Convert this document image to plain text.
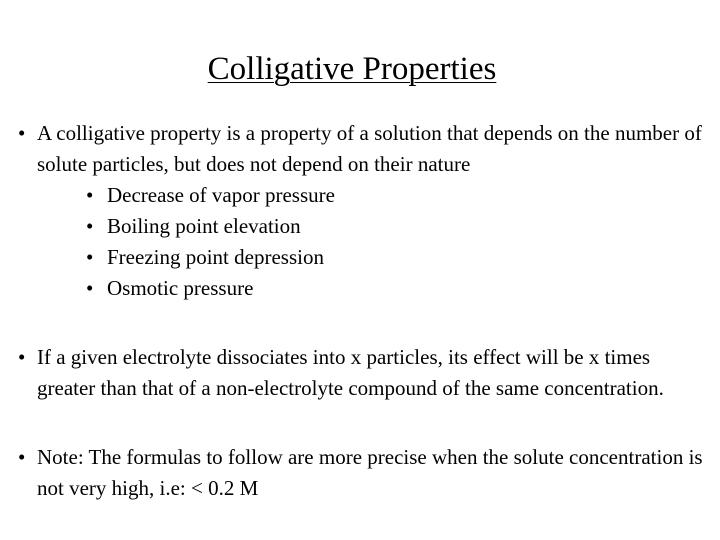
Colligative Properties
• A colligative property is a property of a solution that depends on the number of solute particles, but does not depend on their nature
• Decrease of vapor pressure
• Boiling point elevation
• Freezing point depression
• Osmotic pressure
• If a given electrolyte dissociates into x particles, its effect will be x times greater than that of a non-electrolyte compound of the same concentration.
• Note: The formulas to follow are more precise when the solute concentration is not very high, i.e: < 0.2 M
